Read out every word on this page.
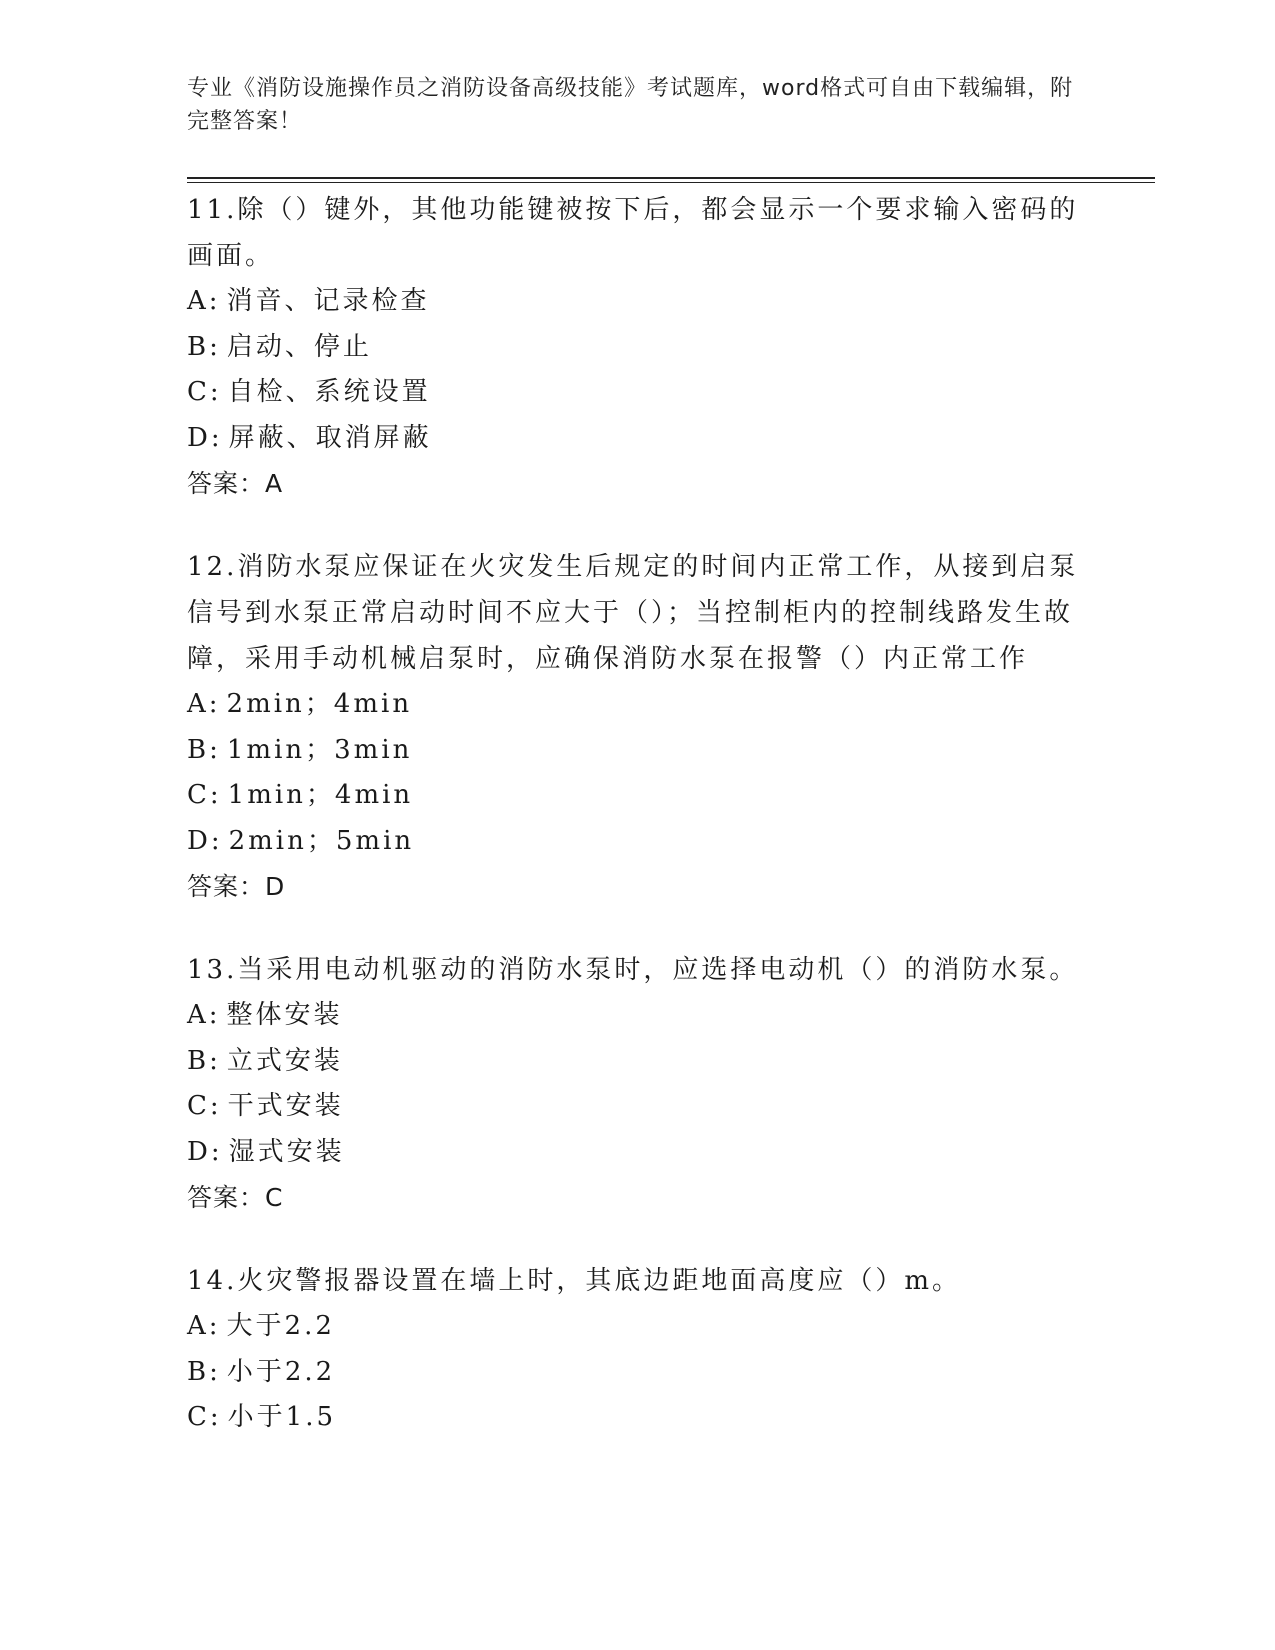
专业《消防设施操作员之消防设备高级技能》考试题库，word格式可自由下载编辑，附完整答案！

11.除（）键外，其他功能键被按下后，都会显示一个要求输入密码的画面。

A: 消音、记录检查

B: 启动、停止

C: 自检、系统设置

D: 屏蔽、取消屏蔽

答案：A

12.消防水泵应保证在火灾发生后规定的时间内正常工作，从接到启泵信号到水泵正常启动时间不应大于（）；当控制柜内的控制线路发生故障，采用手动机械启泵时，应确保消防水泵在报警（）内正常工作

A: 2min；4min

B: 1min；3min

C: 1min；4min

D: 2min；5min

答案：D

13.当采用电动机驱动的消防水泵时，应选择电动机（）的消防水泵。

A: 整体安装

B: 立式安装

C: 干式安装

D: 湿式安装

答案：C

14.火灾警报器设置在墙上时，其底边距地面高度应（）m。

A: 大于2.2

B: 小于2.2

C: 小于1.5
